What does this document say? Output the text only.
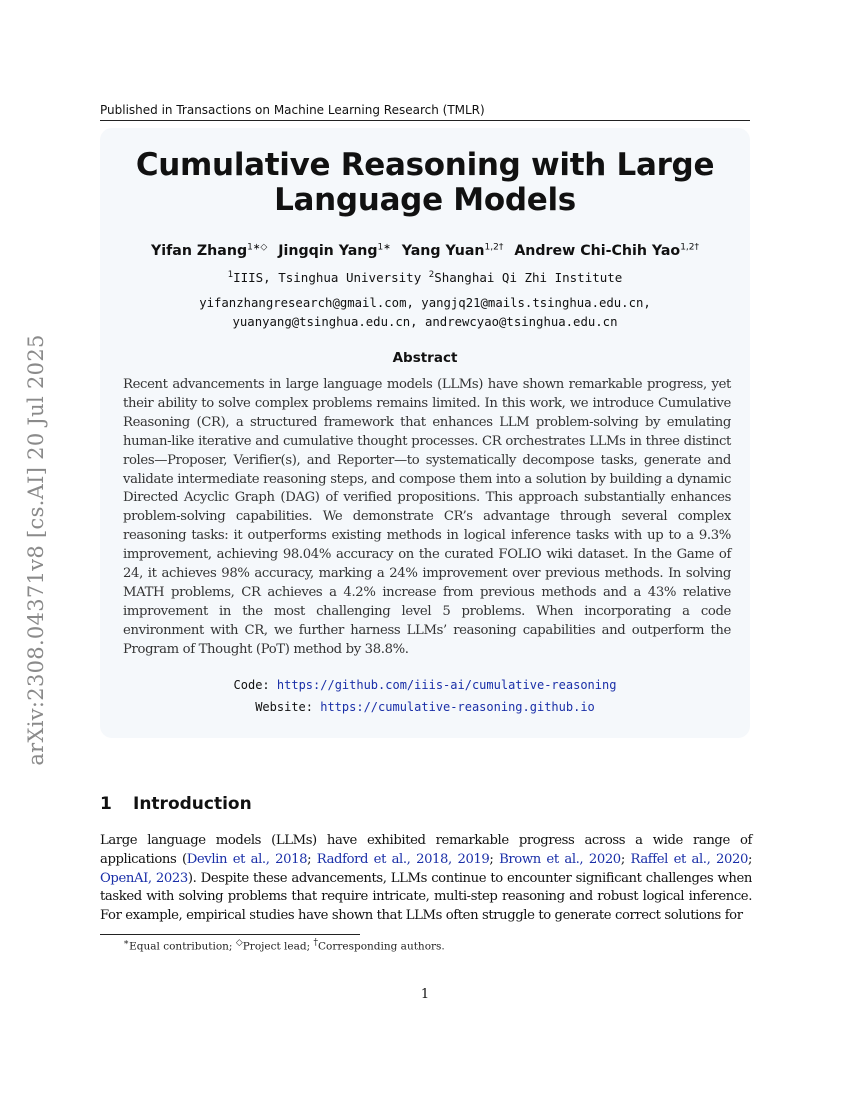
Published in Transactions on Machine Learning Research (TMLR)
arXiv:2308.04371v8 [cs.AI] 20 Jul 2025
Cumulative Reasoning with Large
Language Models
Yifan Zhang$^{1∗◇}$ Jingqin Yang$^{1∗}$ Yang Yuan$^{1,2\dagger}$ Andrew Chi-Chih Yao$^{1,2\dagger}$
$^1$IIIS, Tsinghua University $^2$Shanghai Qi Zhi Institute
yifanzhangresearch@gmail.com, yangjq21@mails.tsinghua.edu.cn,
yuanyang@tsinghua.edu.cn, andrewcyao@tsinghua.edu.cn
Abstract
Recent advancements in large language models (LLMs) have shown remarkable progress, yet their ability to solve complex problems remains limited. In this work, we introduce Cumulative Reasoning (CR), a structured framework that enhances LLM problem-solving by emulating human-like iterative and cumulative thought processes. CR orchestrates LLMs in three distinct roles—Proposer, Verifier(s), and Reporter—to systematically decompose tasks, generate and validate intermediate reasoning steps, and compose them into a solution by building a dynamic Directed Acyclic Graph (DAG) of verified propositions. This approach substantially enhances problem-solving capabilities. We demonstrate CR’s advantage through several complex reasoning tasks: it outperforms existing methods in logical inference tasks with up to a 9.3% improvement, achieving 98.04% accuracy on the curated FOLIO wiki dataset. In the Game of 24, it achieves 98% accuracy, marking a 24% improvement over previous methods. In solving MATH problems, CR achieves a 4.2% increase from previous methods and a 43% relative improvement in the most challenging level 5 problems. When incorporating a code environment with CR, we further harness LLMs’ reasoning capabilities and outperform the Program of Thought (PoT) method by 38.8%.
Code: https://github.com/iiis-ai/cumulative-reasoning
Website: https://cumulative-reasoning.github.io
1 Introduction
Large language models (LLMs) have exhibited remarkable progress across a wide range of applications (Devlin et al., 2018; Radford et al., 2018, 2019; Brown et al., 2020; Raffel et al., 2020; OpenAI, 2023). Despite these advancements, LLMs continue to encounter significant challenges when tasked with solving problems that require intricate, multi-step reasoning and robust logical inference. For example, empirical studies have shown that LLMs often struggle to generate correct solutions for
∗Equal contribution; ◇Project lead; †Corresponding authors.
1
